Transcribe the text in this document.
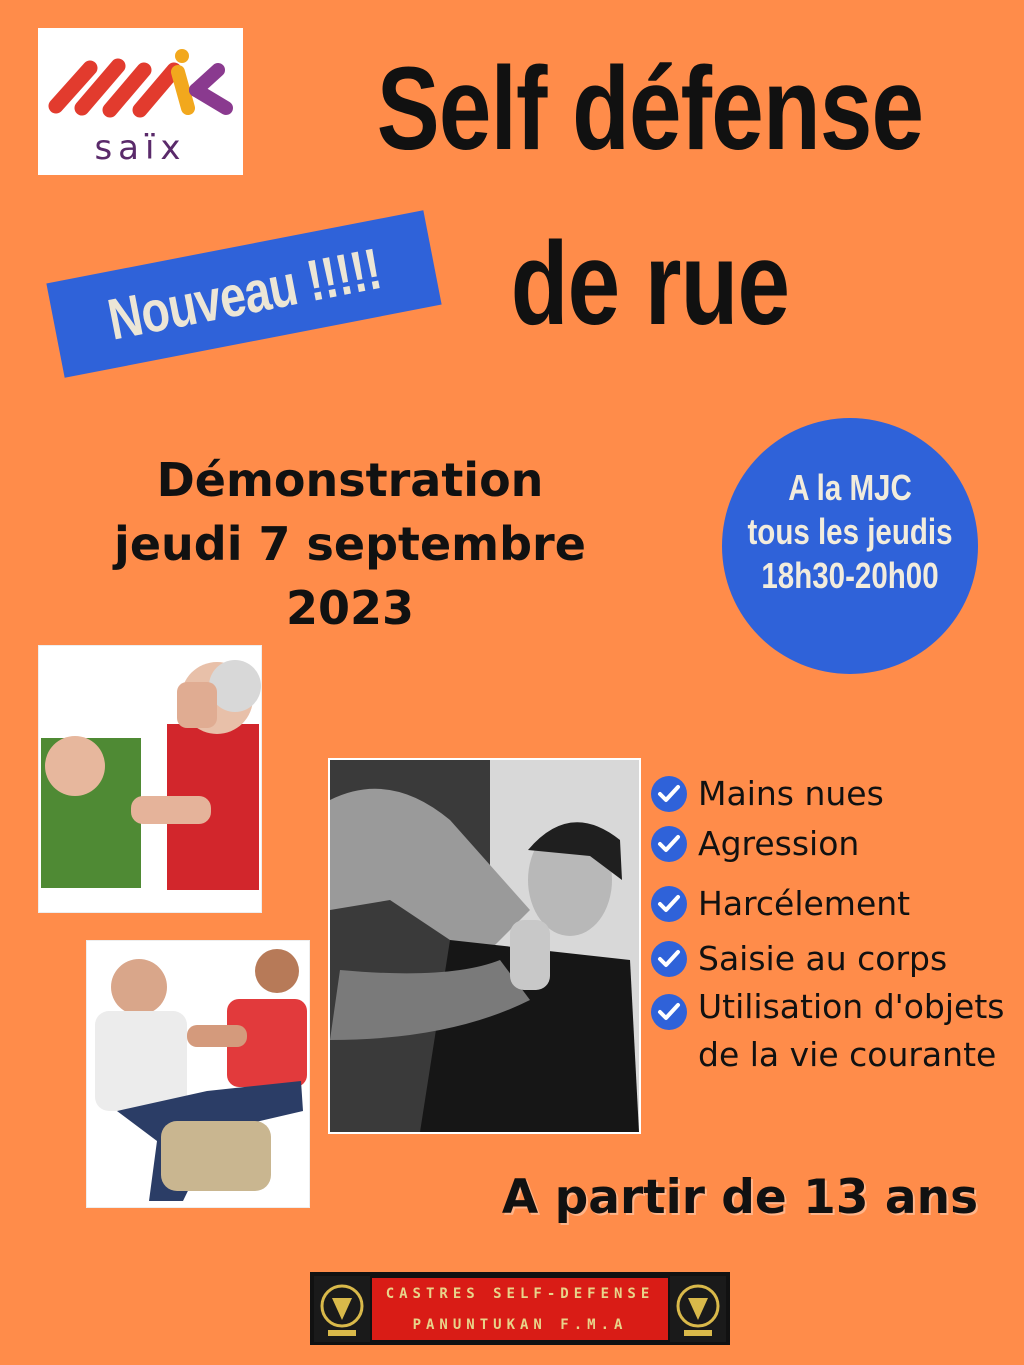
saïx	Self défense
de rue
Nouveau !!!!!
Démonstration
jeudi 7 septembre
2023
A la MJC
tous les jeudis
18h30-20h00
Mains nues
Agression
Harcélement
Saisie au corps
Utilisation d'objets de la vie courante
A partir de 13 ans
CASTRES SELF-DEFENSE
PANUNTUKAN F.M.A
